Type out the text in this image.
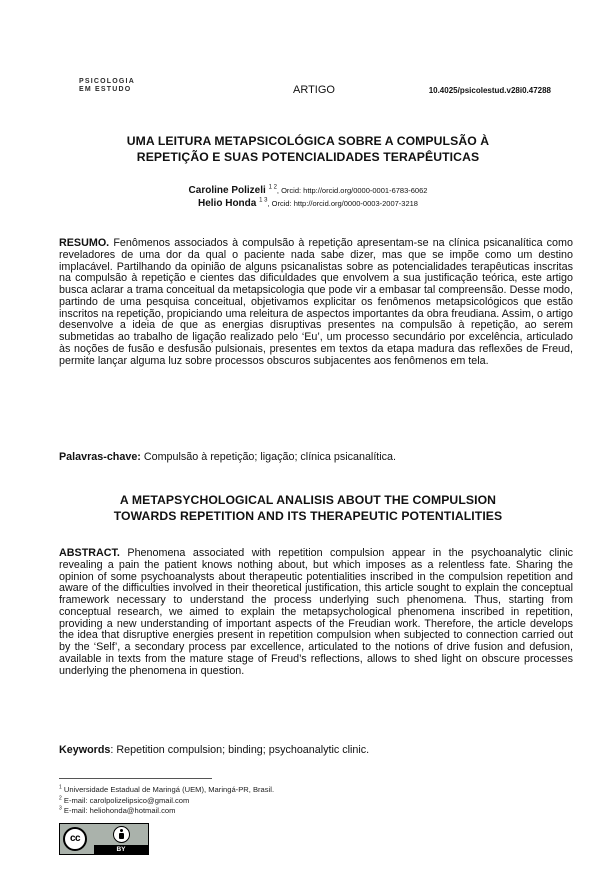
PSICOLOGIA
EM ESTUDO	ARTIGO	10.4025/psicolestud.v28i0.47288
UMA LEITURA METAPSICOLÓGICA SOBRE A COMPULSÃO À
REPETIÇÃO E SUAS POTENCIALIDADES TERAPÊUTICAS
Caroline Polizeli $^{1 2}$, Orcid: http://orcid.org/0000-0001-6783-6062
Helio Honda $^{1 3}$, Orcid: http://orcid.org/0000-0003-2007-3218
RESUMO. Fenômenos associados à compulsão à repetição apresentam-se na clínica psicanalítica como reveladores de uma dor da qual o paciente nada sabe dizer, mas que se impõe como um destino implacável. Partilhando da opinião de alguns psicanalistas sobre as potencialidades terapêuticas inscritas na compulsão à repetição e cientes das dificuldades que envolvem a sua justificação teórica, este artigo busca aclarar a trama conceitual da metapsicologia que pode vir a embasar tal compreensão. Desse modo, partindo de uma pesquisa conceitual, objetivamos explicitar os fenômenos metapsicológicos que estão inscritos na repetição, propiciando uma releitura de aspectos importantes da obra freudiana. Assim, o artigo desenvolve a ideia de que as energias disruptivas presentes na compulsão à repetição, ao serem submetidas ao trabalho de ligação realizado pelo ‘Eu’, um processo secundário por excelência, articulado às noções de fusão e desfusão pulsionais, presentes em textos da etapa madura das reflexões de Freud, permite lançar alguma luz sobre processos obscuros subjacentes aos fenômenos em tela.
Palavras-chave: Compulsão à repetição; ligação; clínica psicanalítica.
A METAPSYCHOLOGICAL ANALISIS ABOUT THE COMPULSION
TOWARDS REPETITION AND ITS THERAPEUTIC POTENTIALITIES
ABSTRACT. Phenomena associated with repetition compulsion appear in the psychoanalytic clinic revealing a pain the patient knows nothing about, but which imposes as a relentless fate. Sharing the opinion of some psychoanalysts about therapeutic potentialities inscribed in the compulsion repetition and aware of the difficulties involved in their theoretical justification, this article sought to explain the conceptual framework necessary to understand the process underlying such phenomena. Thus, starting from conceptual research, we aimed to explain the metapsychological phenomena inscribed in repetition, providing a new understanding of important aspects of the Freudian work. Therefore, the article develops the idea that disruptive energies present in repetition compulsion when subjected to connection carried out by the ‘Self’, a secondary process par excellence, articulated to the notions of drive fusion and defusion, available in texts from the mature stage of Freud’s reflections, allows to shed light on obscure processes underlying the phenomena in question.
Keywords: Repetition compulsion; binding; psychoanalytic clinic.
$^1$ Universidade Estadual de Maringá (UEM), Maringá-PR, Brasil.
$^2$ E-mail: carolpolizelipsico@gmail.com
$^3$ E-mail: heliohonda@hotmail.com
cc
BY
